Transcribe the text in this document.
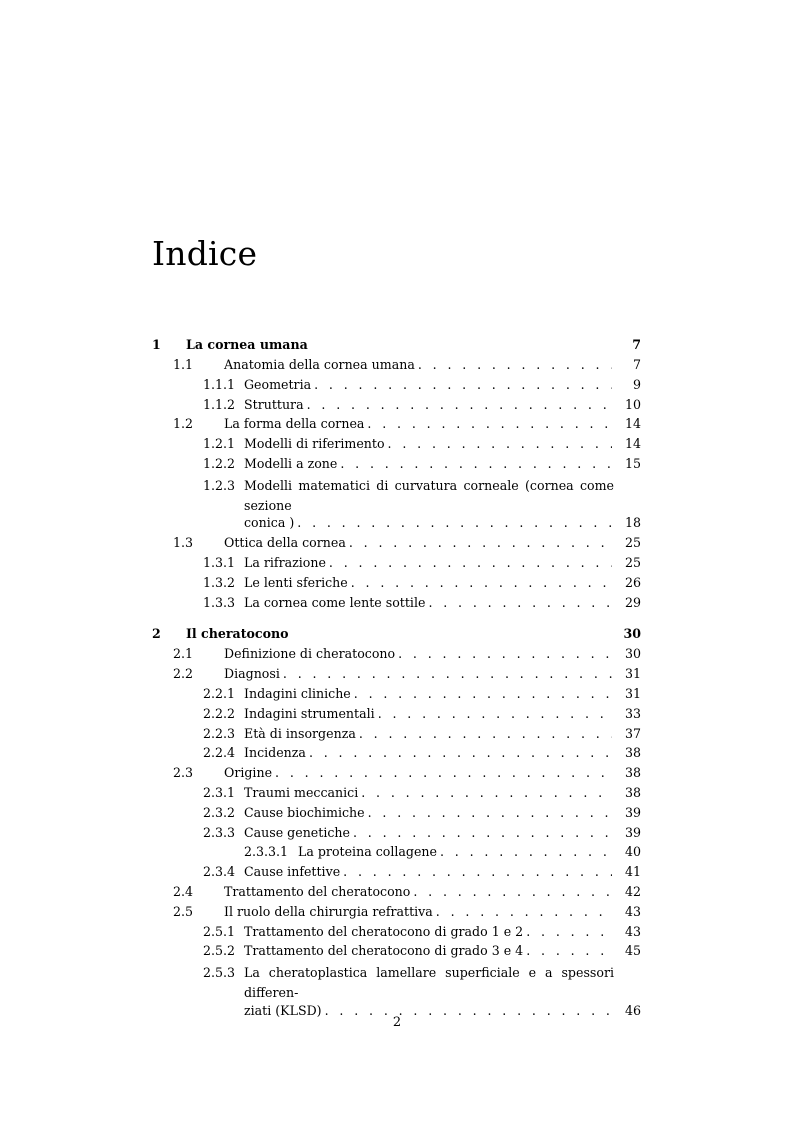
Indice
1	La cornea umana	7
1.1	Anatomia della cornea umana . . .	7
1.1.1 Geometria . . .	9
1.1.2 Struttura . . .	10
1.2	La forma della cornea . . .	14
1.2.1 Modelli di riferimento . . .	14
1.2.2 Modelli a zone . . .	15
1.2.3 Modelli matematici di curvatura corneale (cornea come sezione
conica ) . . .	18
1.3	Ottica della cornea . . .	25
1.3.1 La rifrazione . . .	25
1.3.2 Le lenti sferiche . . .	26
1.3.3 La cornea come lente sottile . . .	29
2	Il cheratocono	30
2.1	Definizione di cheratocono . . .	30
2.2	Diagnosi . . .	31
2.2.1 Indagini cliniche . . .	31
2.2.2 Indagini strumentali . . .	33
2.2.3 Età di insorgenza . . .	37
2.2.4 Incidenza . . .	38
2.3	Origine . . .	38
2.3.1 Traumi meccanici . . .	38
2.3.2 Cause biochimiche . . .	39
2.3.3 Cause genetiche . . .	39
2.3.3.1 La proteina collagene . . .	40
2.3.4 Cause infettive . . .	41
2.4	Trattamento del cheratocono . . .	42
2.5	Il ruolo della chirurgia refrattiva . . .	43
2.5.1 Trattamento del cheratocono di grado 1 e 2 . . .	43
2.5.2 Trattamento del cheratocono di grado 3 e 4 . . .	45
2.5.3 La cheratoplastica lamellare superficiale e a spessori differen-
ziati (KLSD) . . .	46
2
